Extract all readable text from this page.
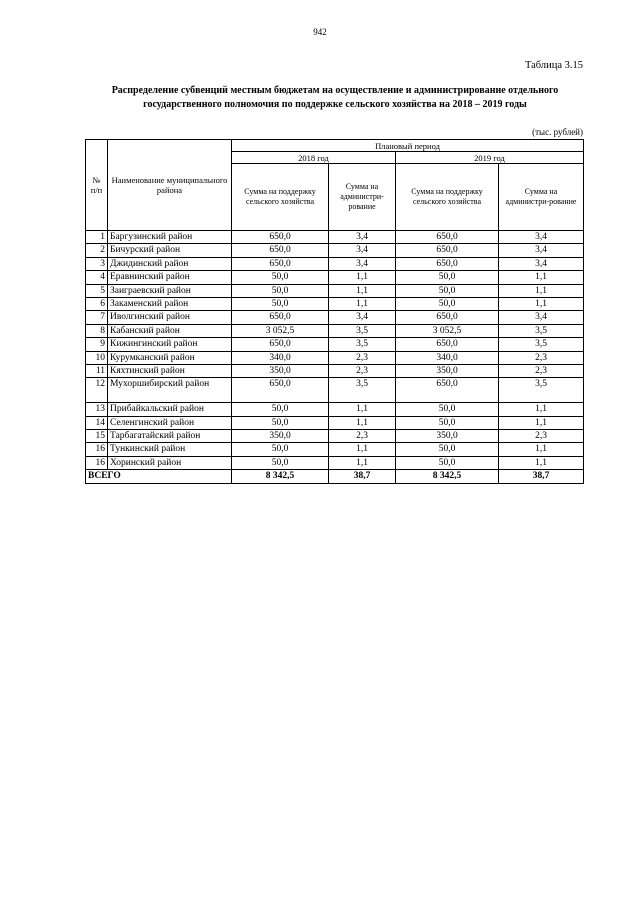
942
Таблица 3.15
Распределение субвенций местным бюджетам на осуществление и администрирование отдельного
государственного полномочия по поддержке сельского хозяйства на 2018 – 2019 годы
(тыс. рублей)
№ п/п	Наименование муниципального района	Плановый период			
		2018 год		2019 год	
		Сумма на поддержку сельского хозяйства	Сумма на администри-рование	Сумма на поддержку сельского хозяйства	Сумма на администри-рование
1	Баргузинский район	650,0	3,4	650,0	3,4
2	Бичурский район	650,0	3,4	650,0	3,4
3	Джидинский район	650,0	3,4	650,0	3,4
4	Еравнинский район	50,0	1,1	50,0	1,1
5	Заиграевский район	50,0	1,1	50,0	1,1
6	Закаменский район	50,0	1,1	50,0	1,1
7	Иволгинский район	650,0	3,4	650,0	3,4
8	Кабанский район	3 052,5	3,5	3 052,5	3,5
9	Кижингинский район	650,0	3,5	650,0	3,5
10	Курумканский район	340,0	2,3	340,0	2,3
11	Кяхтинский район	350,0	2,3	350,0	2,3
12	Мухоршибирский район	650,0	3,5	650,0	3,5
13	Прибайкальский район	50,0	1,1	50,0	1,1
14	Селенгинский район	50,0	1,1	50,0	1,1
15	Тарбагатайский район	350,0	2,3	350,0	2,3
16	Тункинский район	50,0	1,1	50,0	1,1
16	Хоринский район	50,0	1,1	50,0	1,1
ВСЕГО		8 342,5	38,7	8 342,5	38,7
